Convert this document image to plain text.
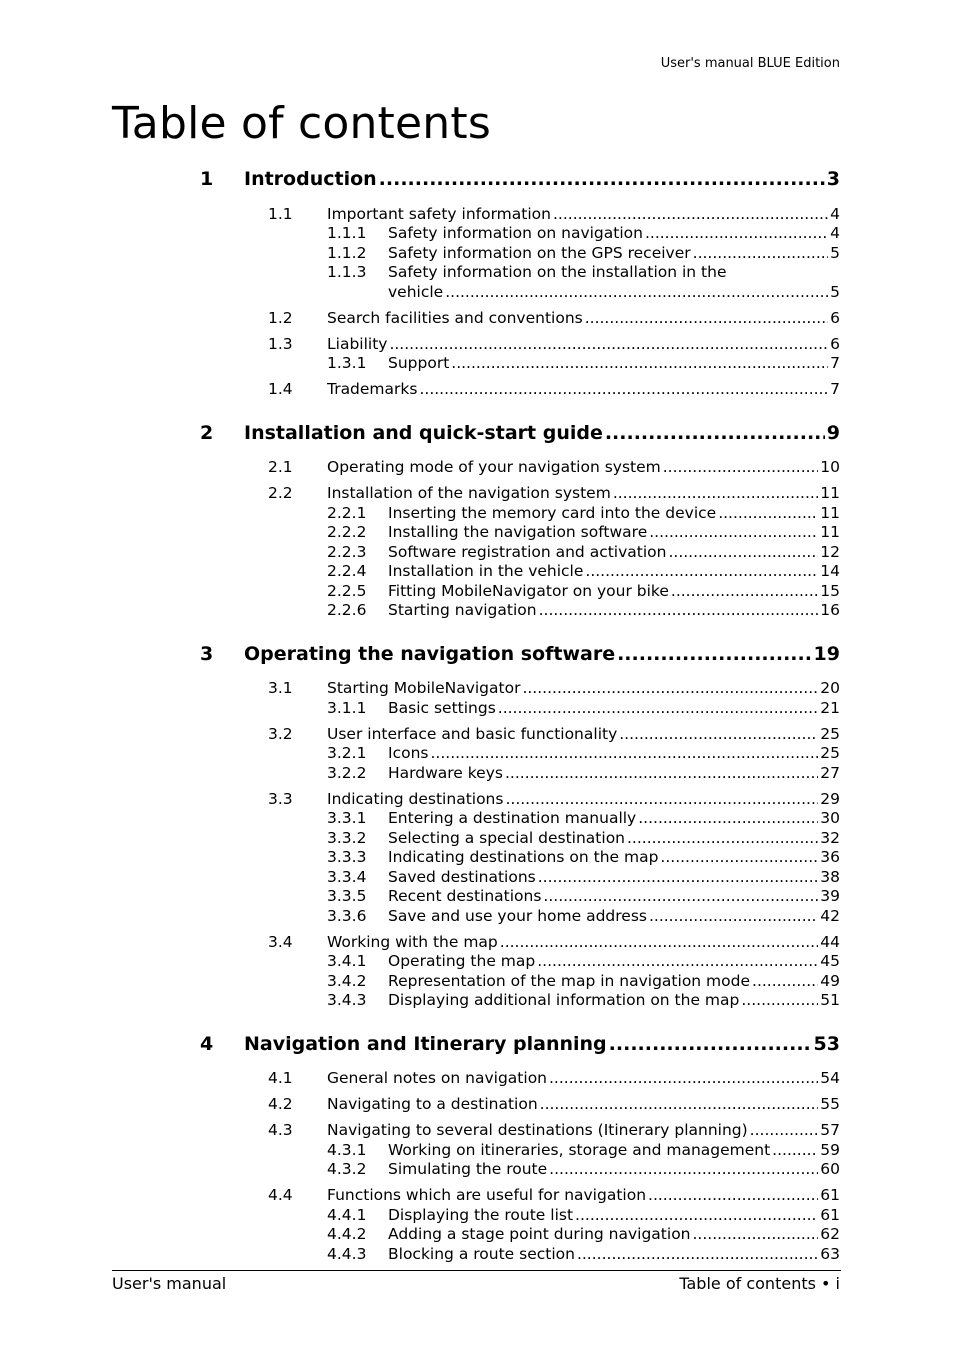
User's manual BLUE Edition
Table of contents
1 Introduction .....	3
1.1 Important safety information .....	4
1.1.1 Safety information on navigation .....	4
1.1.2 Safety information on the GPS receiver .....	5
1.1.3 Safety information on the installation in the
vehicle .....	5
1.2 Search facilities and conventions .....	6
1.3 Liability .....	6
1.3.1 Support .....	7
1.4 Trademarks .....	7
2 Installation and quick-start guide .....	9
2.1 Operating mode of your navigation system .....	10
2.2 Installation of the navigation system .....	11
2.2.1 Inserting the memory card into the device .....	11
2.2.2 Installing the navigation software .....	11
2.2.3 Software registration and activation .....	12
2.2.4 Installation in the vehicle .....	14
2.2.5 Fitting MobileNavigator on your bike .....	15
2.2.6 Starting navigation .....	16
3 Operating the navigation software .....	19
3.1 Starting MobileNavigator .....	20
3.1.1 Basic settings .....	21
3.2 User interface and basic functionality .....	25
3.2.1 Icons .....	25
3.2.2 Hardware keys .....	27
3.3 Indicating destinations .....	29
3.3.1 Entering a destination manually .....	30
3.3.2 Selecting a special destination .....	32
3.3.3 Indicating destinations on the map .....	36
3.3.4 Saved destinations .....	38
3.3.5 Recent destinations .....	39
3.3.6 Save and use your home address .....	42
3.4 Working with the map .....	44
3.4.1 Operating the map .....	45
3.4.2 Representation of the map in navigation mode .....	49
3.4.3 Displaying additional information on the map .....	51
4 Navigation and Itinerary planning .....	53
4.1 General notes on navigation .....	54
4.2 Navigating to a destination .....	55
4.3 Navigating to several destinations (Itinerary planning) .....	57
4.3.1 Working on itineraries, storage and management .....	59
4.3.2 Simulating the route .....	60
4.4 Functions which are useful for navigation .....	61
4.4.1 Displaying the route list .....	61
4.4.2 Adding a stage point during navigation .....	62
4.4.3 Blocking a route section .....	63
User's manual	Table of contents • i
